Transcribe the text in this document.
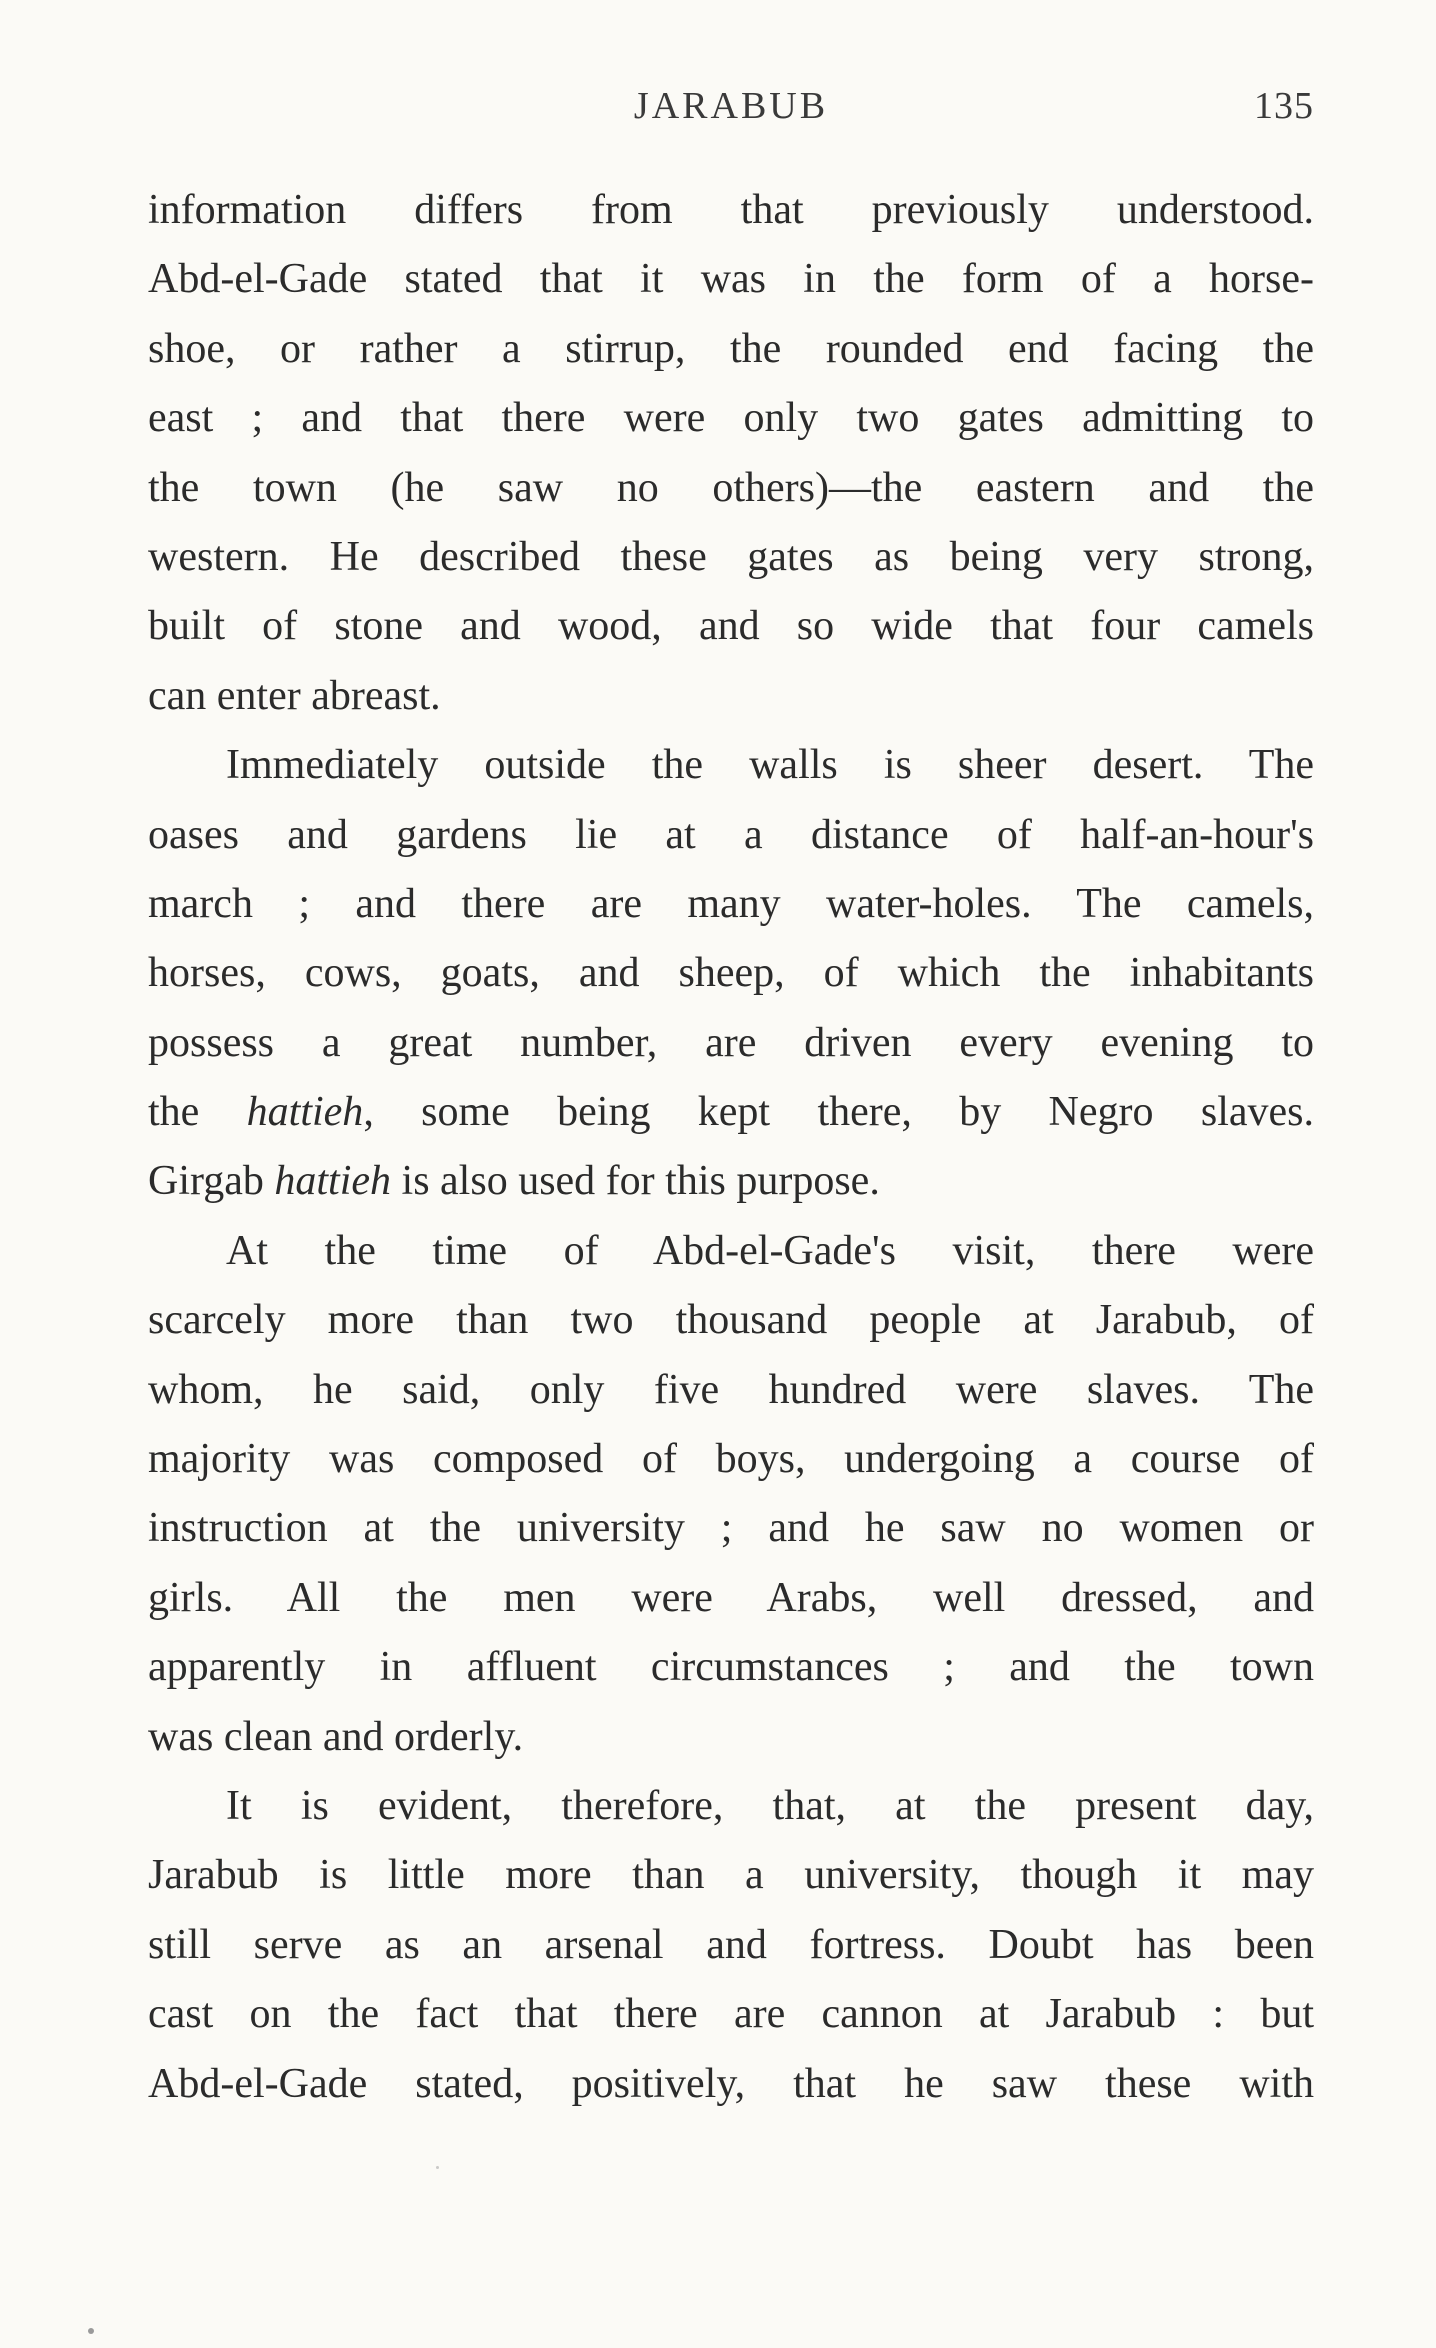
JARABUB	135
information differs from that previously understood.
Abd-el-Gade stated that it was in the form of a horse-
shoe, or rather a stirrup, the rounded end facing the
east ; and that there were only two gates admitting to
the town (he saw no others)—the eastern and the
western. He described these gates as being very strong,
built of stone and wood, and so wide that four camels
can enter abreast.
Immediately outside the walls is sheer desert. The
oases and gardens lie at a distance of half-an-hour's
march ; and there are many water-holes. The camels,
horses, cows, goats, and sheep, of which the inhabitants
possess a great number, are driven every evening to
the hattieh, some being kept there, by Negro slaves.
Girgab hattieh is also used for this purpose.
At the time of Abd-el-Gade's visit, there were
scarcely more than two thousand people at Jarabub, of
whom, he said, only five hundred were slaves. The
majority was composed of boys, undergoing a course of
instruction at the university ; and he saw no women or
girls. All the men were Arabs, well dressed, and
apparently in affluent circumstances ; and the town
was clean and orderly.
It is evident, therefore, that, at the present day,
Jarabub is little more than a university, though it may
still serve as an arsenal and fortress. Doubt has been
cast on the fact that there are cannon at Jarabub : but
Abd-el-Gade stated, positively, that he saw these with
